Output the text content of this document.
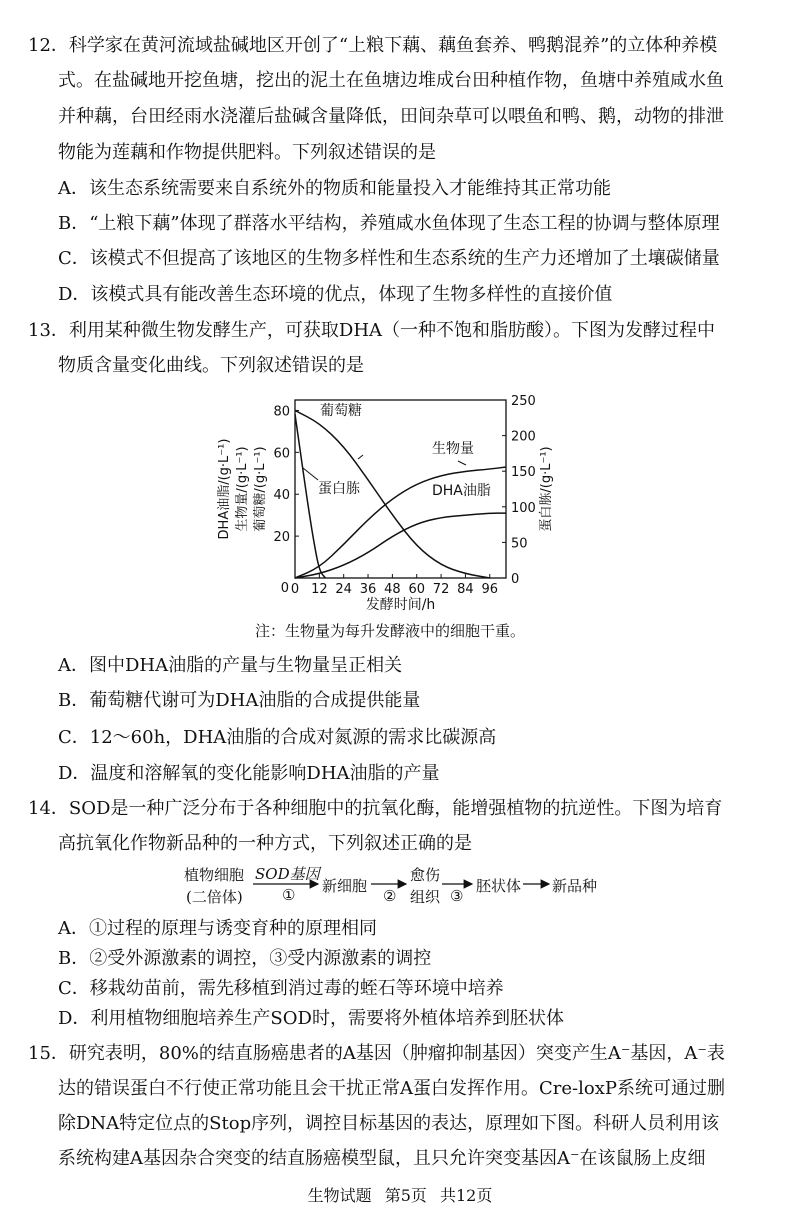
12．科学家在黄河流域盐碱地区开创了“上粮下藕、藕鱼套养、鸭鹅混养”的立体种养模
式。在盐碱地开挖鱼塘，挖出的泥土在鱼塘边堆成台田种植作物，鱼塘中养殖咸水鱼
并种藕，台田经雨水浇灌后盐碱含量降低，田间杂草可以喂鱼和鸭、鹅，动物的排泄
物能为莲藕和作物提供肥料。下列叙述错误的是
A．该生态系统需要来自系统外的物质和能量投入才能维持其正常功能
B．“上粮下藕”体现了群落水平结构，养殖咸水鱼体现了生态工程的协调与整体原理
C．该模式不但提高了该地区的生物多样性和生态系统的生产力还增加了土壤碳储量
D．该模式具有能改善生态环境的优点，体现了生物多样性的直接价值
13．利用某种微生物发酵生产，可获取DHA（一种不饱和脂肪酸）。下图为发酵过程中
物质含量变化曲线。下列叙述错误的是
0 12 24 36 48 60 72 84 96
20
40
60
80
0
50
100
150
200
250
葡萄糖
蛋白胨
生物量
DHA油脂
0
发酵时间/h
DHA油脂/(g·L⁻¹) 生物量/(g·L⁻¹) 葡萄糖/(g·L⁻¹)	蛋白胨/(g·L⁻¹)
注：生物量为每升发酵液中的细胞干重。
A．图中DHA油脂的产量与生物量呈正相关
B．葡萄糖代谢可为DHA油脂的合成提供能量
C．12～60h，DHA油脂的合成对氮源的需求比碳源高
D．温度和溶解氧的变化能影响DHA油脂的产量
14．SOD是一种广泛分布于各种细胞中的抗氧化酶，能增强植物的抗逆性。下图为培育
高抗氧化作物新品种的一种方式，下列叙述正确的是
植物细胞
(二倍体)
SOD基因
① 新细胞
②
愈伤
组织 ③
胚状体 新品种
A．①过程的原理与诱变育种的原理相同
B．②受外源激素的调控，③受内源激素的调控
C．移栽幼苗前，需先移植到消过毒的蛭石等环境中培养
D．利用植物细胞培养生产SOD时，需要将外植体培养到胚状体
15．研究表明，80%的结直肠癌患者的A基因（肿瘤抑制基因）突变产生A⁻基因，A⁻表
达的错误蛋白不行使正常功能且会干扰正常A蛋白发挥作用。Cre-loxP系统可通过删
除DNA特定位点的Stop序列，调控目标基因的表达，原理如下图。科研人员利用该
系统构建A基因杂合突变的结直肠癌模型鼠，且只允许突变基因A⁻在该鼠肠上皮细
生物试题 第5页 共12页
